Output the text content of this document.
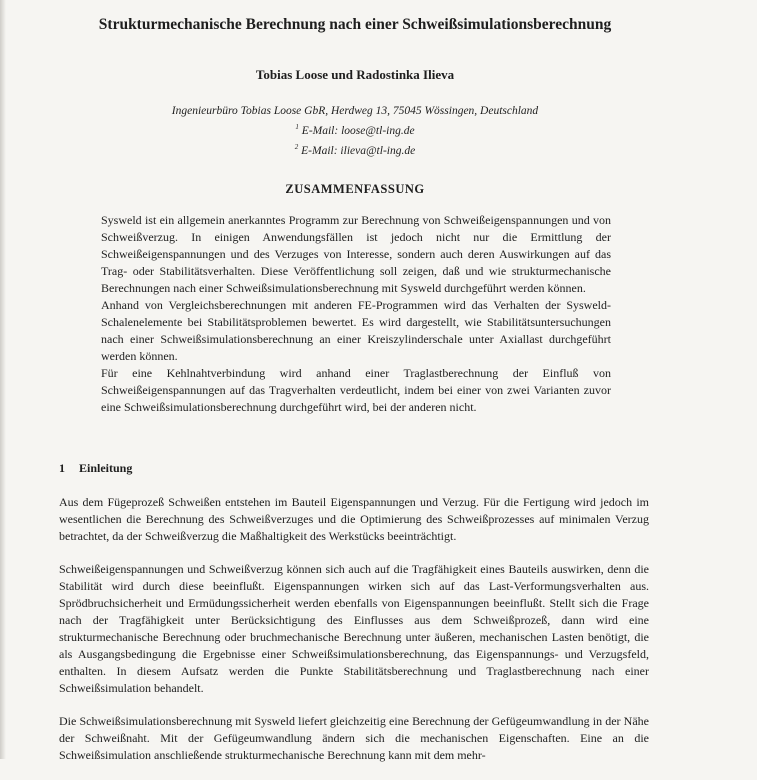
Strukturmechanische Berechnung nach einer Schweißsimulationsberechnung
Tobias Loose und Radostinka Ilieva
Ingenieurbüro Tobias Loose GbR, Herdweg 13, 75045 Wössingen, Deutschland
$^1$ E-Mail: loose@tl-ing.de
$^2$ E-Mail: ilieva@tl-ing.de
ZUSAMMENFASSUNG

Sysweld ist ein allgemein anerkanntes Programm zur Berechnung von Schweißeigenspannungen und von Schweißverzug. In einigen Anwendungsfällen ist jedoch nicht nur die Ermittlung der Schweißeigenspannungen und des Verzuges von Interesse, sondern auch deren Auswirkungen auf das Trag- oder Stabilitätsverhalten. Diese Veröffentlichung soll zeigen, daß und wie strukturmechanische Berechnungen nach einer Schweißsimulationsberechnung mit Sysweld durchgeführt werden können.

Anhand von Vergleichsberechnungen mit anderen FE-Programmen wird das Verhalten der Sysweld-Schalenelemente bei Stabilitätsproblemen bewertet. Es wird dargestellt, wie Stabilitätsuntersuchungen nach einer Schweißsimulationsberechnung an einer Kreiszylinderschale unter Axiallast durchgeführt werden können.

Für eine Kehlnahtverbindung wird anhand einer Traglastberechnung der Einfluß von Schweißeigenspannungen auf das Tragverhalten verdeutlicht, indem bei einer von zwei Varianten zuvor eine Schweißsimulationsberechnung durchgeführt wird, bei der anderen nicht.

1 Einleitung

Aus dem Fügeprozeß Schweißen entstehen im Bauteil Eigenspannungen und Verzug. Für die Fertigung wird jedoch im wesentlichen die Berechnung des Schweißverzuges und die Optimierung des Schweißprozesses auf minimalen Verzug betrachtet, da der Schweißverzug die Maßhaltigkeit des Werkstücks beeinträchtigt.

Schweißeigenspannungen und Schweißverzug können sich auch auf die Tragfähigkeit eines Bauteils auswirken, denn die Stabilität wird durch diese beeinflußt. Eigenspannungen wirken sich auf das Last-Verformungsverhalten aus. Sprödbruchsicherheit und Ermüdungssicherheit werden ebenfalls von Eigenspannungen beeinflußt. Stellt sich die Frage nach der Tragfähigkeit unter Berücksichtigung des Einflusses aus dem Schweißprozeß, dann wird eine strukturmechanische Berechnung oder bruchmechanische Berechnung unter äußeren, mechanischen Lasten benötigt, die als Ausgangsbedingung die Ergebnisse einer Schweißsimulationsberechnung, das Eigenspannungs- und Verzugsfeld, enthalten. In diesem Aufsatz werden die Punkte Stabilitätsberechnung und Traglastberechnung nach einer Schweißsimulation behandelt.

Die Schweißsimulationsberechnung mit Sysweld liefert gleichzeitig eine Berechnung der Gefügeumwandlung in der Nähe der Schweißnaht. Mit der Gefügeumwandlung ändern sich die mechanischen Eigenschaften. Eine an die Schweißsimulation anschließende strukturmechanische Berechnung kann mit dem mehr-
